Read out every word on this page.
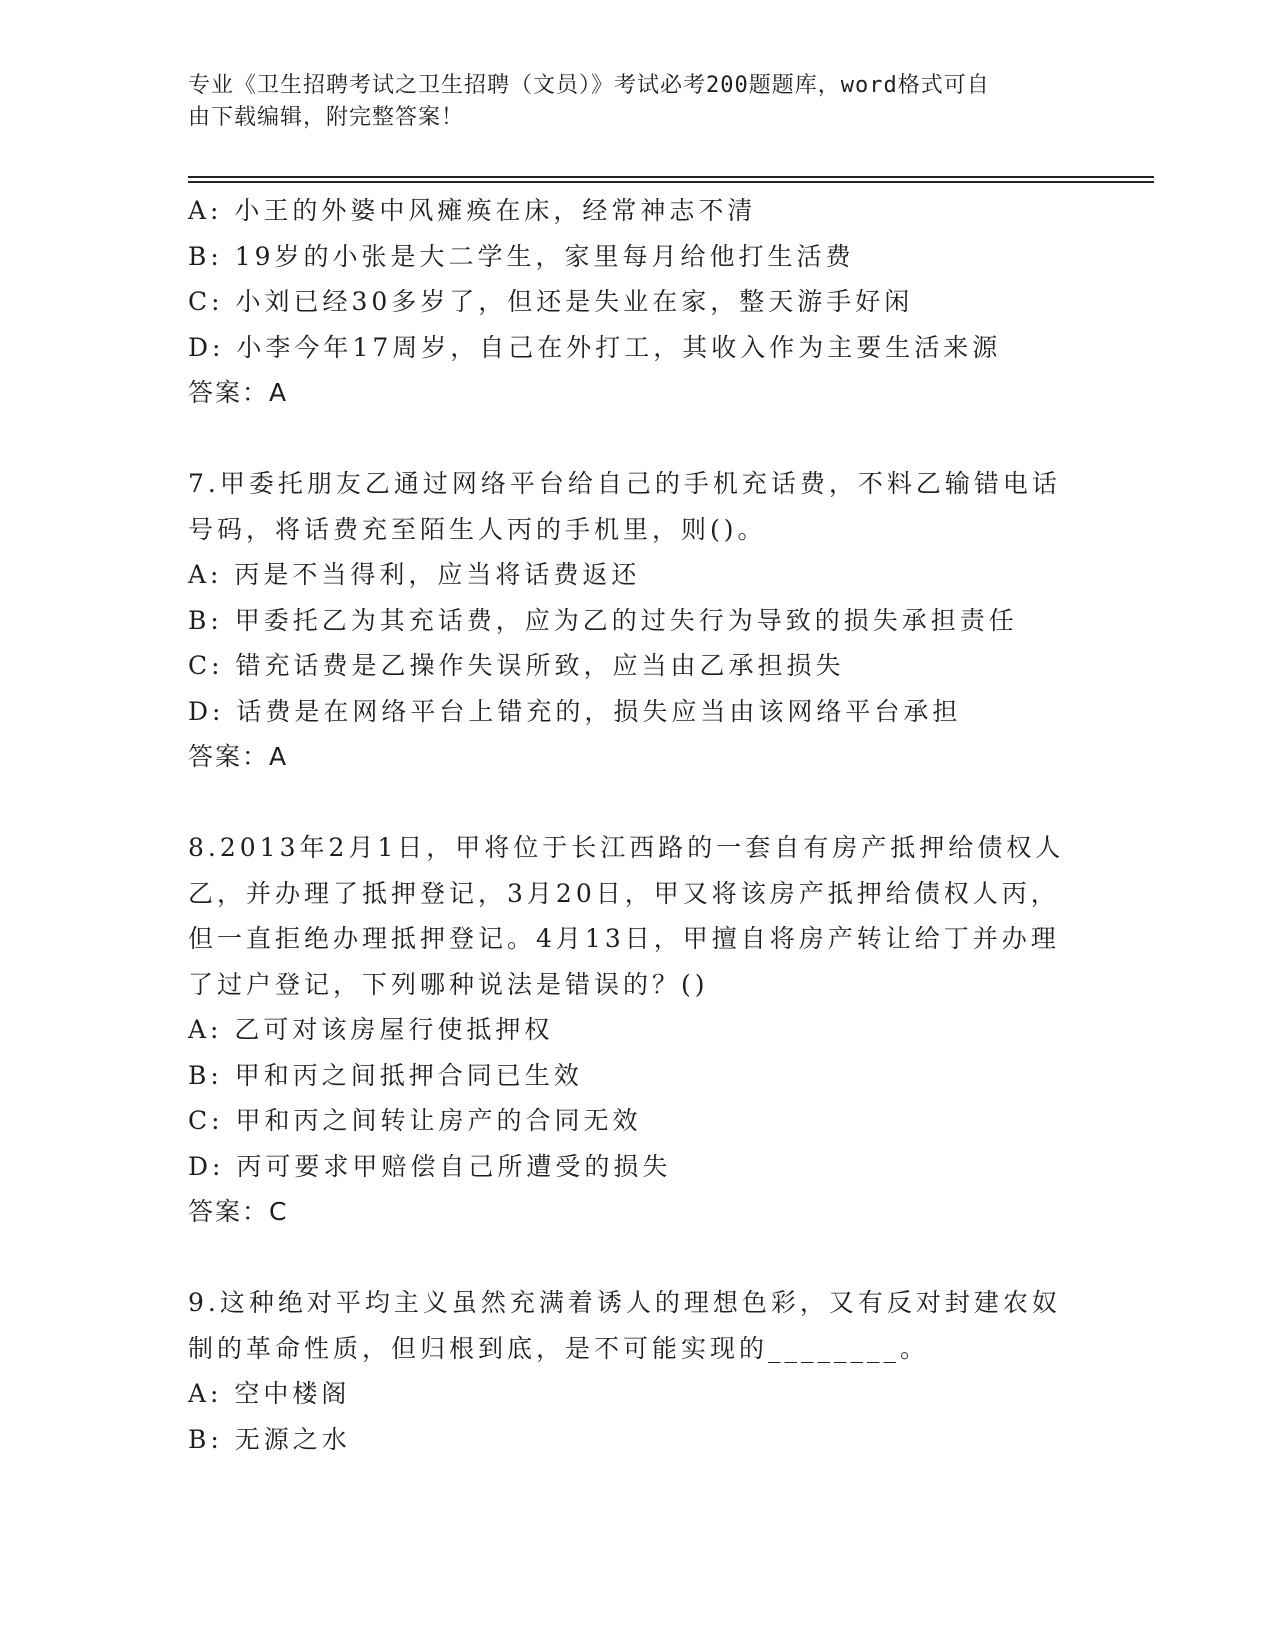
专业《卫生招聘考试之卫生招聘（文员）》考试必考200题题库，word格式可自
由下载编辑，附完整答案！
A: 小王的外婆中风瘫痪在床，经常神志不清
B: 19岁的小张是大二学生，家里每月给他打生活费
C: 小刘已经30多岁了，但还是失业在家，整天游手好闲
D: 小李今年17周岁，自己在外打工，其收入作为主要生活来源
答案：A
7.甲委托朋友乙通过网络平台给自己的手机充话费，不料乙输错电话
号码，将话费充至陌生人丙的手机里，则()。
A: 丙是不当得利，应当将话费返还
B: 甲委托乙为其充话费，应为乙的过失行为导致的损失承担责任
C: 错充话费是乙操作失误所致，应当由乙承担损失
D: 话费是在网络平台上错充的，损失应当由该网络平台承担
答案：A
8.2013年2月1日，甲将位于长江西路的一套自有房产抵押给债权人
乙，并办理了抵押登记，3月20日，甲又将该房产抵押给债权人丙，
但一直拒绝办理抵押登记。4月13日，甲擅自将房产转让给丁并办理
了过户登记，下列哪种说法是错误的？()
A: 乙可对该房屋行使抵押权
B: 甲和丙之间抵押合同已生效
C: 甲和丙之间转让房产的合同无效
D: 丙可要求甲赔偿自己所遭受的损失
答案：C
9.这种绝对平均主义虽然充满着诱人的理想色彩，又有反对封建农奴
制的革命性质，但归根到底，是不可能实现的________。
A: 空中楼阁
B: 无源之水
